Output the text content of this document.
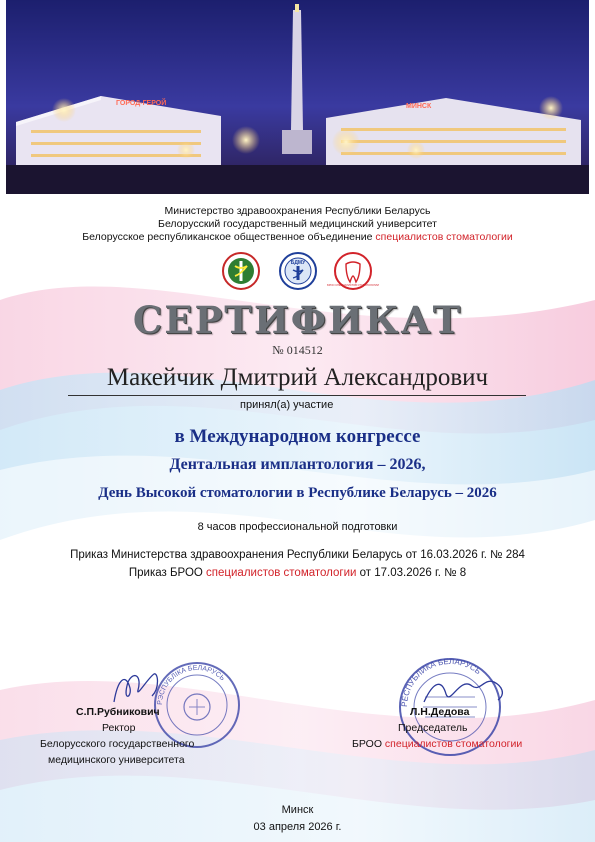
ГОРОД-ГЕРОЙ	МИНСК
Министерство здравоохранения Республики Беларусь
Белорусский государственный медицинский университет
Белорусское республиканское общественное объединение специалистов стоматологии
БДМУ
БРОО СПЕЦИАЛИСТОВ СТОМАТОЛОГИИ
СЕРТИФИКАТ
№ 014512
Макейчик Дмитрий Александрович
принял(а) участие
в Международном конгрессе
Дентальная имплантология – 2026,
День Высокой стоматологии в Республике Беларусь – 2026
8 часов профессиональной подготовки
Приказ Министерства здравоохранения Республики Беларусь от 16.03.2026 г. № 284
Приказ БРОО специалистов стоматологии от 17.03.2026 г. № 8
РЭСПУБЛІКА БЕЛАРУСЬ
С.П.Рубникович
Ректор
Белорусского государственного
медицинского университета
РЕСПУБЛИКА БЕЛАРУСЬ
Л.Н.Дедова
Председатель
БРОО специалистов стоматологии
Минск
03 апреля 2026 г.
